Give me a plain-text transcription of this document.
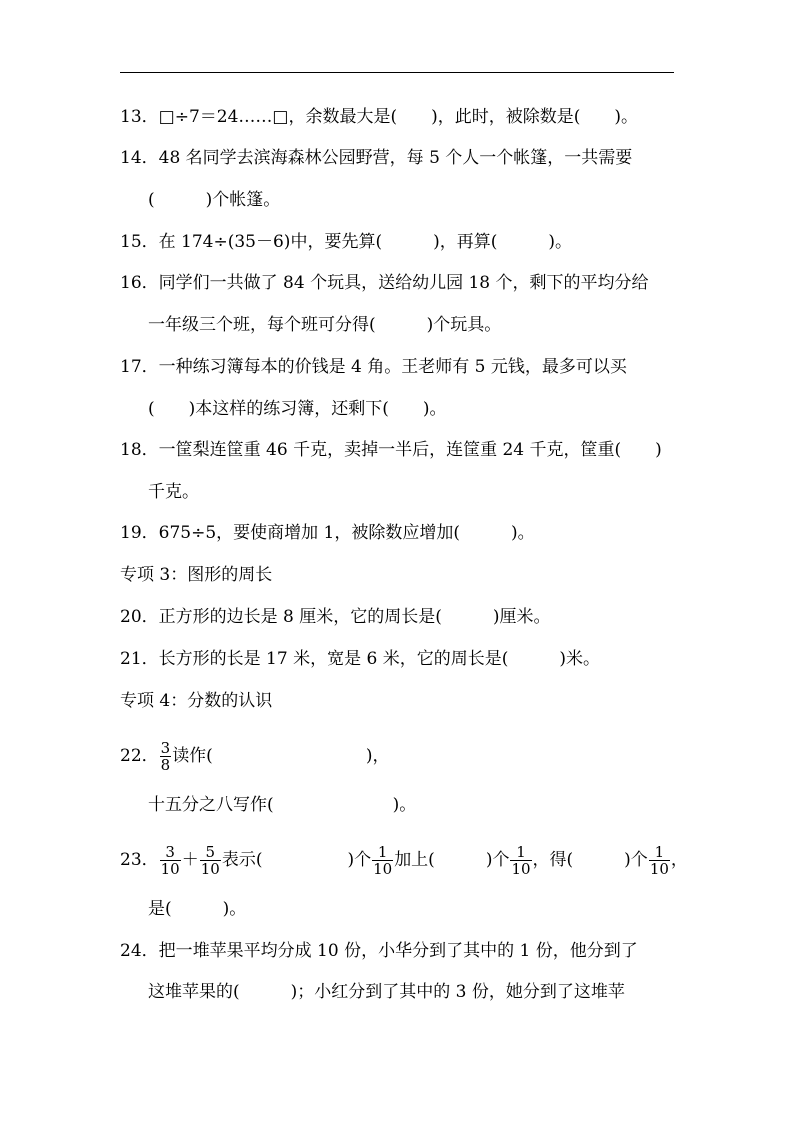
13．□÷7＝24……□，余数最大是(　　)，此时，被除数是(　　)。
14．48 名同学去滨海森林公园野营，每 5 个人一个帐篷，一共需要
(　　　)个帐篷。
15．在 174÷(35－6)中，要先算(　　　)，再算(　　　)。
16．同学们一共做了 84 个玩具，送给幼儿园 18 个，剩下的平均分给
一年级三个班，每个班可分得(　　　)个玩具。
17．一种练习簿每本的价钱是 4 角。王老师有 5 元钱，最多可以买
(　　)本这样的练习簿，还剩下(　　)。
18．一筐梨连筐重 46 千克，卖掉一半后，连筐重 24 千克，筐重(　　)
千克。
19．675÷5，要使商增加 1，被除数应增加(　　　)。
专项 3：图形的周长
20．正方形的边长是 8 厘米，它的周长是(　　　)厘米。
21．长方形的长是 17 米，宽是 6 米，它的周长是(　　　)米。
专项 4：分数的认识
22． $\frac{3}{8}$ 读作(　　　　　　　　　)，
十五分之八写作(　　　　　　　)。
23． $\frac{3}{10} + \frac{5}{10}$ 表示(　　　　　)个 $\frac{1}{10}$ 加上(　　　)个 $\frac{1}{10}$ ，得(　　　)个 $\frac{1}{10}$ ，
是(　　　)。
24．把一堆苹果平均分成 10 份，小华分到了其中的 1 份，他分到了
这堆苹果的(　　　)；小红分到了其中的 3 份，她分到了这堆苹
